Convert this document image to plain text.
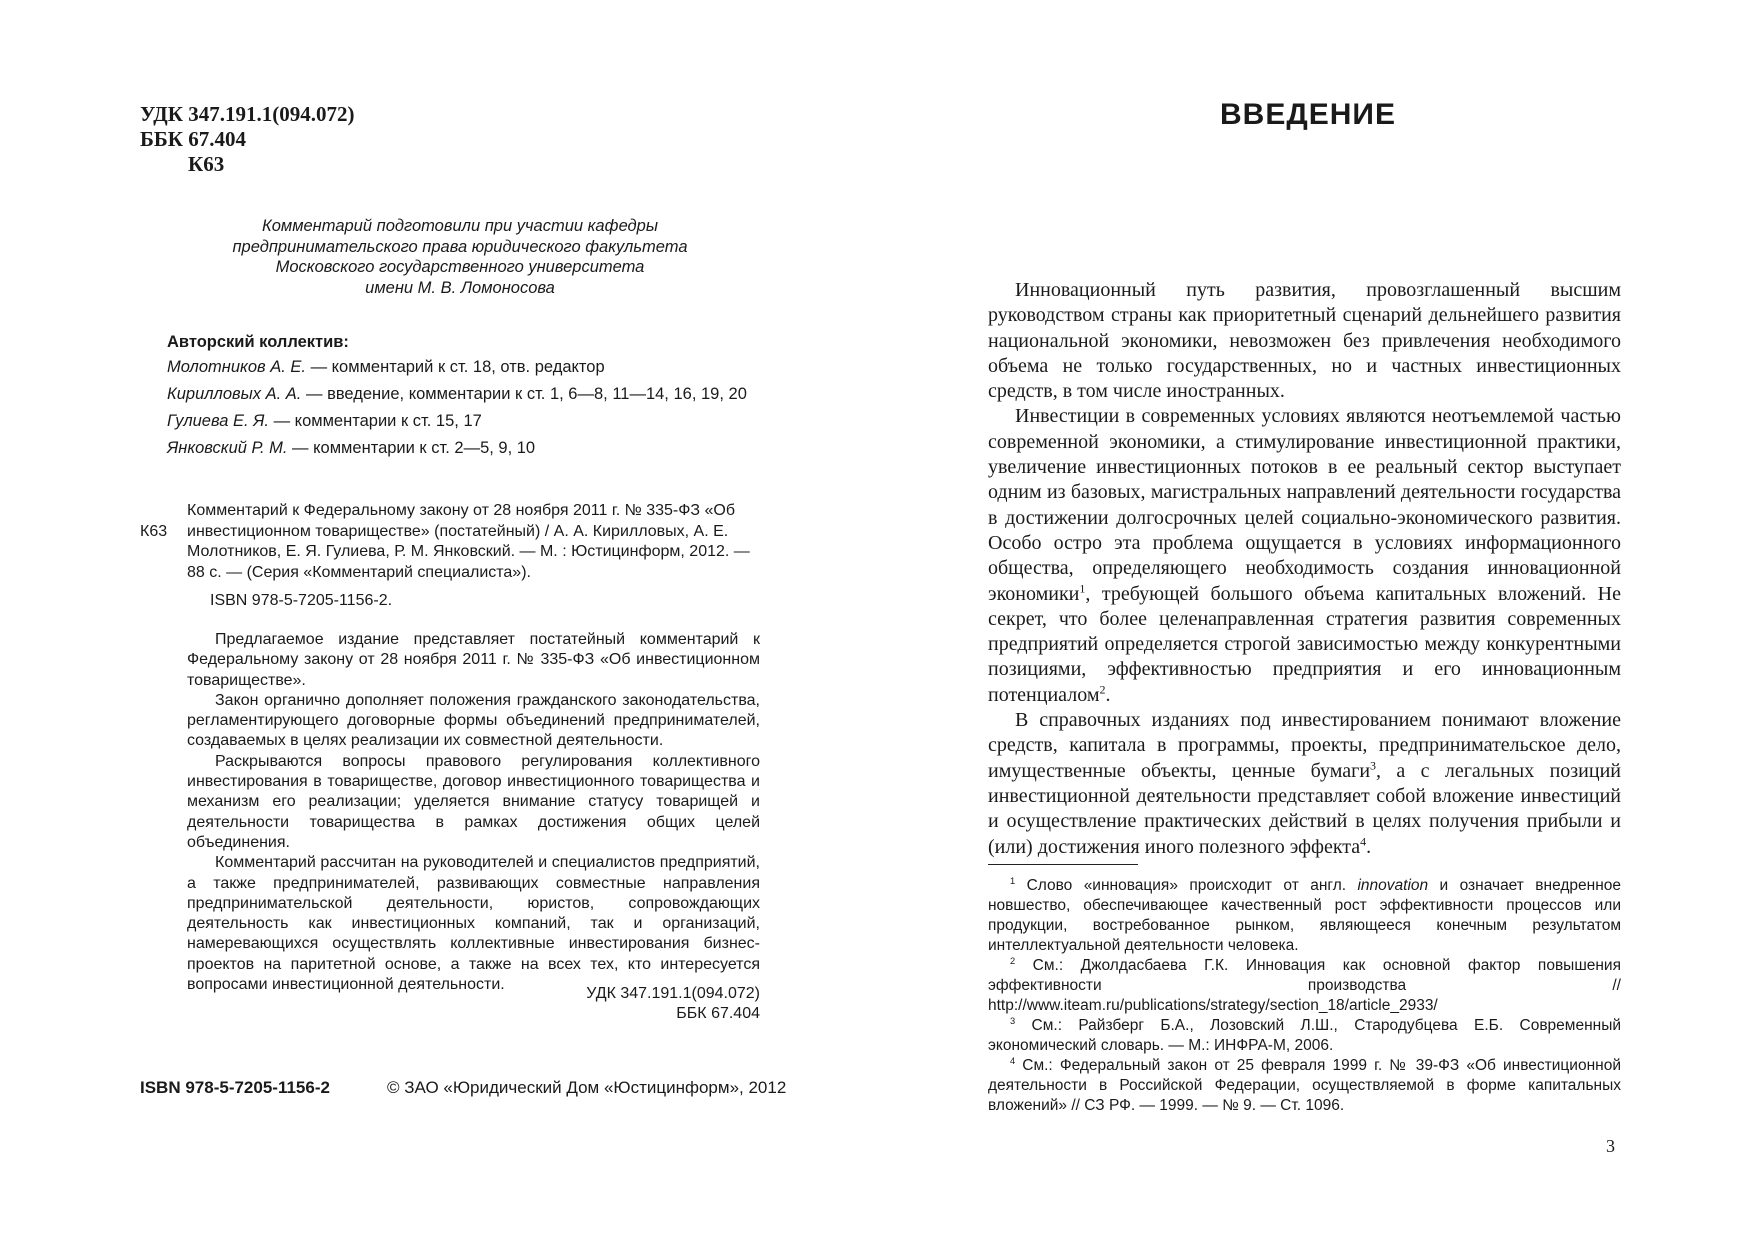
УДК 347.191.1(094.072)
ББК 67.404
К63
Комментарий подготовили при участии кафедры
предпринимательского права юридического факультета
Московского государственного университета
имени М. В. Ломоносова
Авторский коллектив:
Молотников А. Е. — комментарий к ст. 18, отв. редактор
Кирилловых А. А. — введение, комментарии к ст. 1, 6—8, 11—14, 16, 19, 20
Гулиева Е. Я. — комментарии к ст. 15, 17
Янковский Р. М. — комментарии к ст. 2—5, 9, 10
К63
Комментарий к Федеральному закону от 28 ноября 2011 г. № 335-ФЗ «Об инвестиционном товариществе» (постатейный) / А. А. Кирилловых, А. Е. Молотников, Е. Я. Гулиева, Р. М. Янковский. — М. : Юстицинформ, 2012. — 88 с. — (Серия «Комментарий специалиста»).
ISBN 978-5-7205-1156-2.

Предлагаемое издание представляет постатейный комментарий к Федеральному закону от 28 ноября 2011 г. № 335-ФЗ «Об инвестиционном товариществе».

Закон органично дополняет положения гражданского законодательства, регламентирующего договорные формы объединений предпринимателей, создаваемых в целях реализации их совместной деятельности.

Раскрываются вопросы правового регулирования коллективного инвестирования в товариществе, договор инвестиционного товарищества и механизм его реализации; уделяется внимание статусу товарищей и деятельности товарищества в рамках достижения общих целей объединения.

Комментарий рассчитан на руководителей и специалистов предприятий, а также предпринимателей, развивающих совместные направления предпринимательской деятельности, юристов, сопровождающих деятельность как инвестиционных компаний, так и организаций, намеревающихся осуществлять коллективные инвестирования бизнес-проектов на паритетной основе, а также на всех тех, кто интересуется вопросами инвестиционной деятельности.

УДК 347.191.1(094.072)
ББК 67.404
ISBN 978-5-7205-1156-2	© ЗАО «Юридический Дом «Юстицинформ», 2012
ВВЕДЕНИЕ

Инновационный путь развития, провозглашенный высшим руководством страны как приоритетный сценарий дельнейшего развития национальной экономики, невозможен без привлечения необходимого объема не только государственных, но и частных инвестиционных средств, в том числе иностранных.

Инвестиции в современных условиях являются неотъемлемой частью современной экономики, а стимулирование инвестиционной практики, увеличение инвестиционных потоков в ее реальный сектор выступает одним из базовых, магистральных направлений деятельности государства в достижении долгосрочных целей социально-экономического развития. Особо остро эта проблема ощущается в условиях информационного общества, определяющего необходимость создания инновационной экономики$^1$, требующей большого объема капитальных вложений. Не секрет, что более целенаправленная стратегия развития современных предприятий определяется строгой зависимостью между конкурентными позициями, эффективностью предприятия и его инновационным потенциалом$^2$.

В справочных изданиях под инвестированием понимают вложение средств, капитала в программы, проекты, предпринимательское дело, имущественные объекты, ценные бумаги$^3$, а с легальных позиций инвестиционной деятельности представляет собой вложение инвестиций и осуществление практических действий в целях получения прибыли и (или) достижения иного полезного эффекта$^4$.

$^1$ Слово «инновация» происходит от англ. innovation и означает внедренное новшество, обеспечивающее качественный рост эффективности процессов или продукции, востребованное рынком, являющееся конечным результатом интеллектуальной деятельности человека.

$^2$ См.: Джолдасбаева Г.К. Инновация как основной фактор повышения эффективности производства // http://www.iteam.ru/publications/strategy/section_18/article_2933/

$^3$ См.: Райзберг Б.А., Лозовский Л.Ш., Стародубцева Е.Б. Современный экономический словарь. — М.: ИНФРА-М, 2006.

$^4$ См.: Федеральный закон от 25 февраля 1999 г. № 39-ФЗ «Об инвестиционной деятельности в Российской Федерации, осуществляемой в форме капитальных вложений» // СЗ РФ. — 1999. — № 9. — Ст. 1096.

3
